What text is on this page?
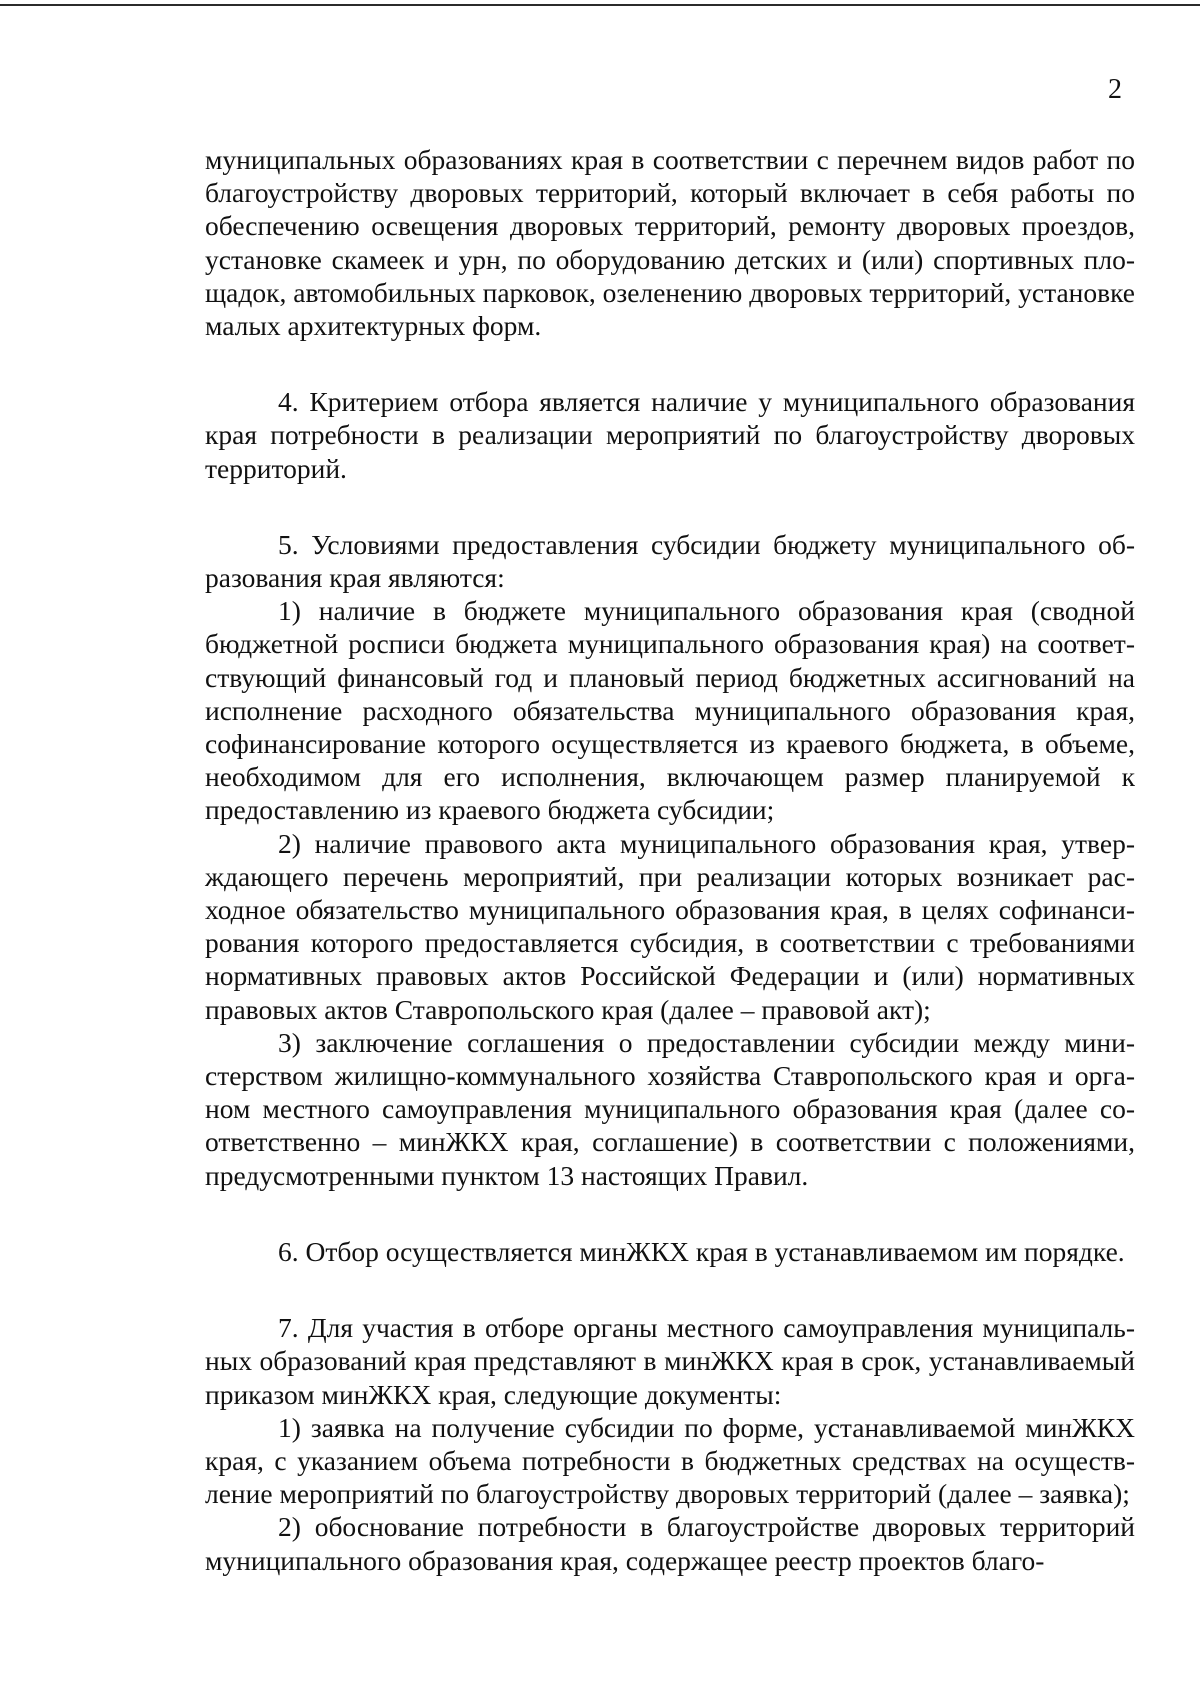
2

муниципальных образованиях края в соответствии с перечнем видов работ по благоустройству дворовых территорий, который включает в себя работы по обеспечению освещения дворовых территорий, ремонту дворовых проездов, установке скамеек и урн, по оборудованию детских и (или) спортивных площадок, автомобильных парковок, озеленению дворовых территорий, установке малых архитектурных форм.

4. Критерием отбора является наличие у муниципального образования края потребности в реализации мероприятий по благоустройству дворовых территорий.

5. Условиями предоставления субсидии бюджету муниципального образования края являются:

1) наличие в бюджете муниципального образования края (сводной бюджетной росписи бюджета муниципального образования края) на соответствующий финансовый год и плановый период бюджетных ассигнований на исполнение расходного обязательства муниципального образования края, софинансирование которого осуществляется из краевого бюджета, в объеме, необходимом для его исполнения, включающем размер планируемой к предоставлению из краевого бюджета субсидии;

2) наличие правового акта муниципального образования края, утверждающего перечень мероприятий, при реализации которых возникает расходное обязательство муниципального образования края, в целях софинансирования которого предоставляется субсидия, в соответствии с требованиями нормативных правовых актов Российской Федерации и (или) нормативных правовых актов Ставропольского края (далее – правовой акт);

3) заключение соглашения о предоставлении субсидии между министерством жилищно-коммунального хозяйства Ставропольского края и органом местного самоуправления муниципального образования края (далее соответственно – минЖКХ края, соглашение) в соответствии с положениями, предусмотренными пунктом 13 настоящих Правил.

6. Отбор осуществляется минЖКХ края в устанавливаемом им порядке.

7. Для участия в отборе органы местного самоуправления муниципальных образований края представляют в минЖКХ края в срок, устанавливаемый приказом минЖКХ края, следующие документы:

1) заявка на получение субсидии по форме, устанавливаемой минЖКХ края, с указанием объема потребности в бюджетных средствах на осуществление мероприятий по благоустройству дворовых территорий (далее – заявка);

2) обоснование потребности в благоустройстве дворовых территорий муниципального образования края, содержащее реестр проектов благо-
